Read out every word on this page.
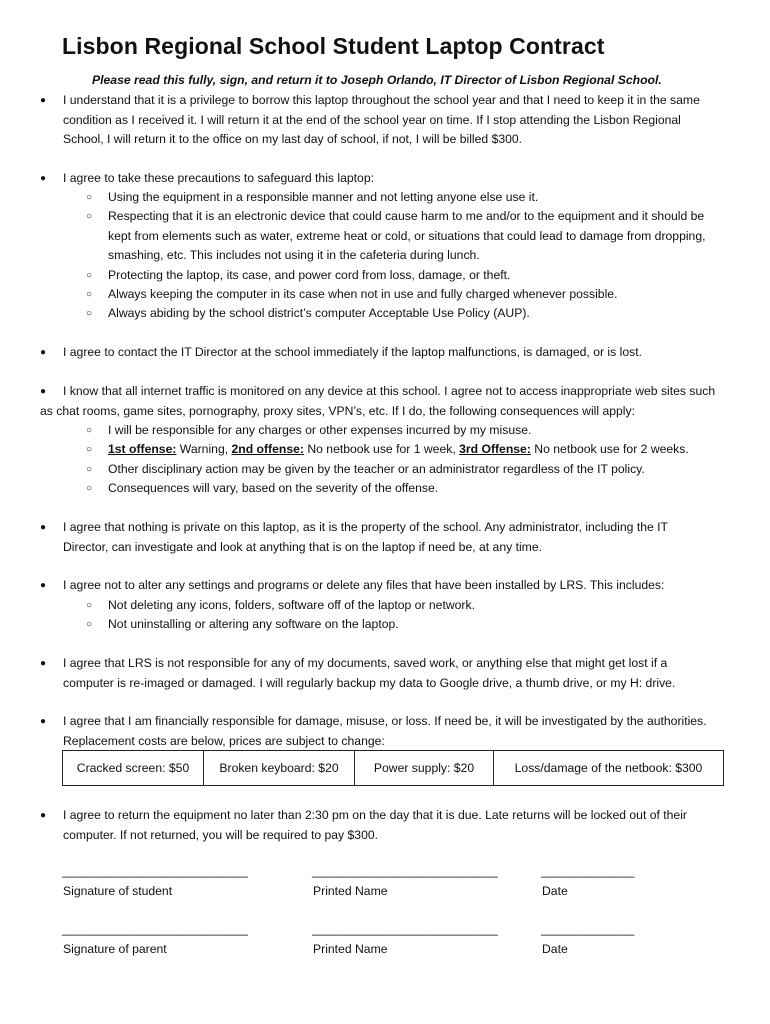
Lisbon Regional School Student Laptop Contract
Please read this fully, sign, and return it to Joseph Orlando, IT Director of Lisbon Regional School.
● I understand that it is a privilege to borrow this laptop throughout the school year and that I need to keep it in the same condition as I received it. I will return it at the end of the school year on time. If I stop attending the Lisbon Regional School, I will return it to the office on my last day of school, if not, I will be billed $300.
● I agree to take these precautions to safeguard this laptop:
○ Using the equipment in a responsible manner and not letting anyone else use it.
○ Respecting that it is an electronic device that could cause harm to me and/or to the equipment and it should be kept from elements such as water, extreme heat or cold, or situations that could lead to damage from dropping, smashing, etc. This includes not using it in the cafeteria during lunch.
○ Protecting the laptop, its case, and power cord from loss, damage, or theft.
○ Always keeping the computer in its case when not in use and fully charged whenever possible.
○ Always abiding by the school district’s computer Acceptable Use Policy (AUP).
● I agree to contact the IT Director at the school immediately if the laptop malfunctions, is damaged, or is lost.
●	I know that all internet traffic is monitored on any device at this school. I agree not to access inappropriate web sites such as chat rooms, game sites, pornography, proxy sites, VPN’s, etc. If I do, the following consequences will apply:
○ I will be responsible for any charges or other expenses incurred by my misuse.
○ 1st offense: Warning, 2nd offense: No netbook use for 1 week, 3rd Offense: No netbook use for 2 weeks.
○ Other disciplinary action may be given by the teacher or an administrator regardless of the IT policy.
○ Consequences will vary, based on the severity of the offense.
● I agree that nothing is private on this laptop, as it is the property of the school. Any administrator, including the IT Director, can investigate and look at anything that is on the laptop if need be, at any time.
● I agree not to alter any settings and programs or delete any files that have been installed by LRS. This includes:
○ Not deleting any icons, folders, software off of the laptop or network.
○ Not uninstalling or altering any software on the laptop.
● I agree that LRS is not responsible for any of my documents, saved work, or anything else that might get lost if a computer is re-imaged or damaged. I will regularly backup my data to Google drive, a thumb drive, or my H: drive.
● I agree that I am financially responsible for damage, misuse, or loss. If need be, it will be investigated by the authorities. Replacement costs are below, prices are subject to change:
Cracked screen: $50	Broken keyboard: $20	Power supply: $20	Loss/damage of the netbook: $300
● I agree to return the equipment no later than 2:30 pm on the day that it is due. Late returns will be locked out of their computer. If not returned, you will be required to pay $300.
______________________________	______________________________	_______________
Signature of student	Printed Name	Date
______________________________	______________________________	_______________
Signature of parent	Printed Name	Date
